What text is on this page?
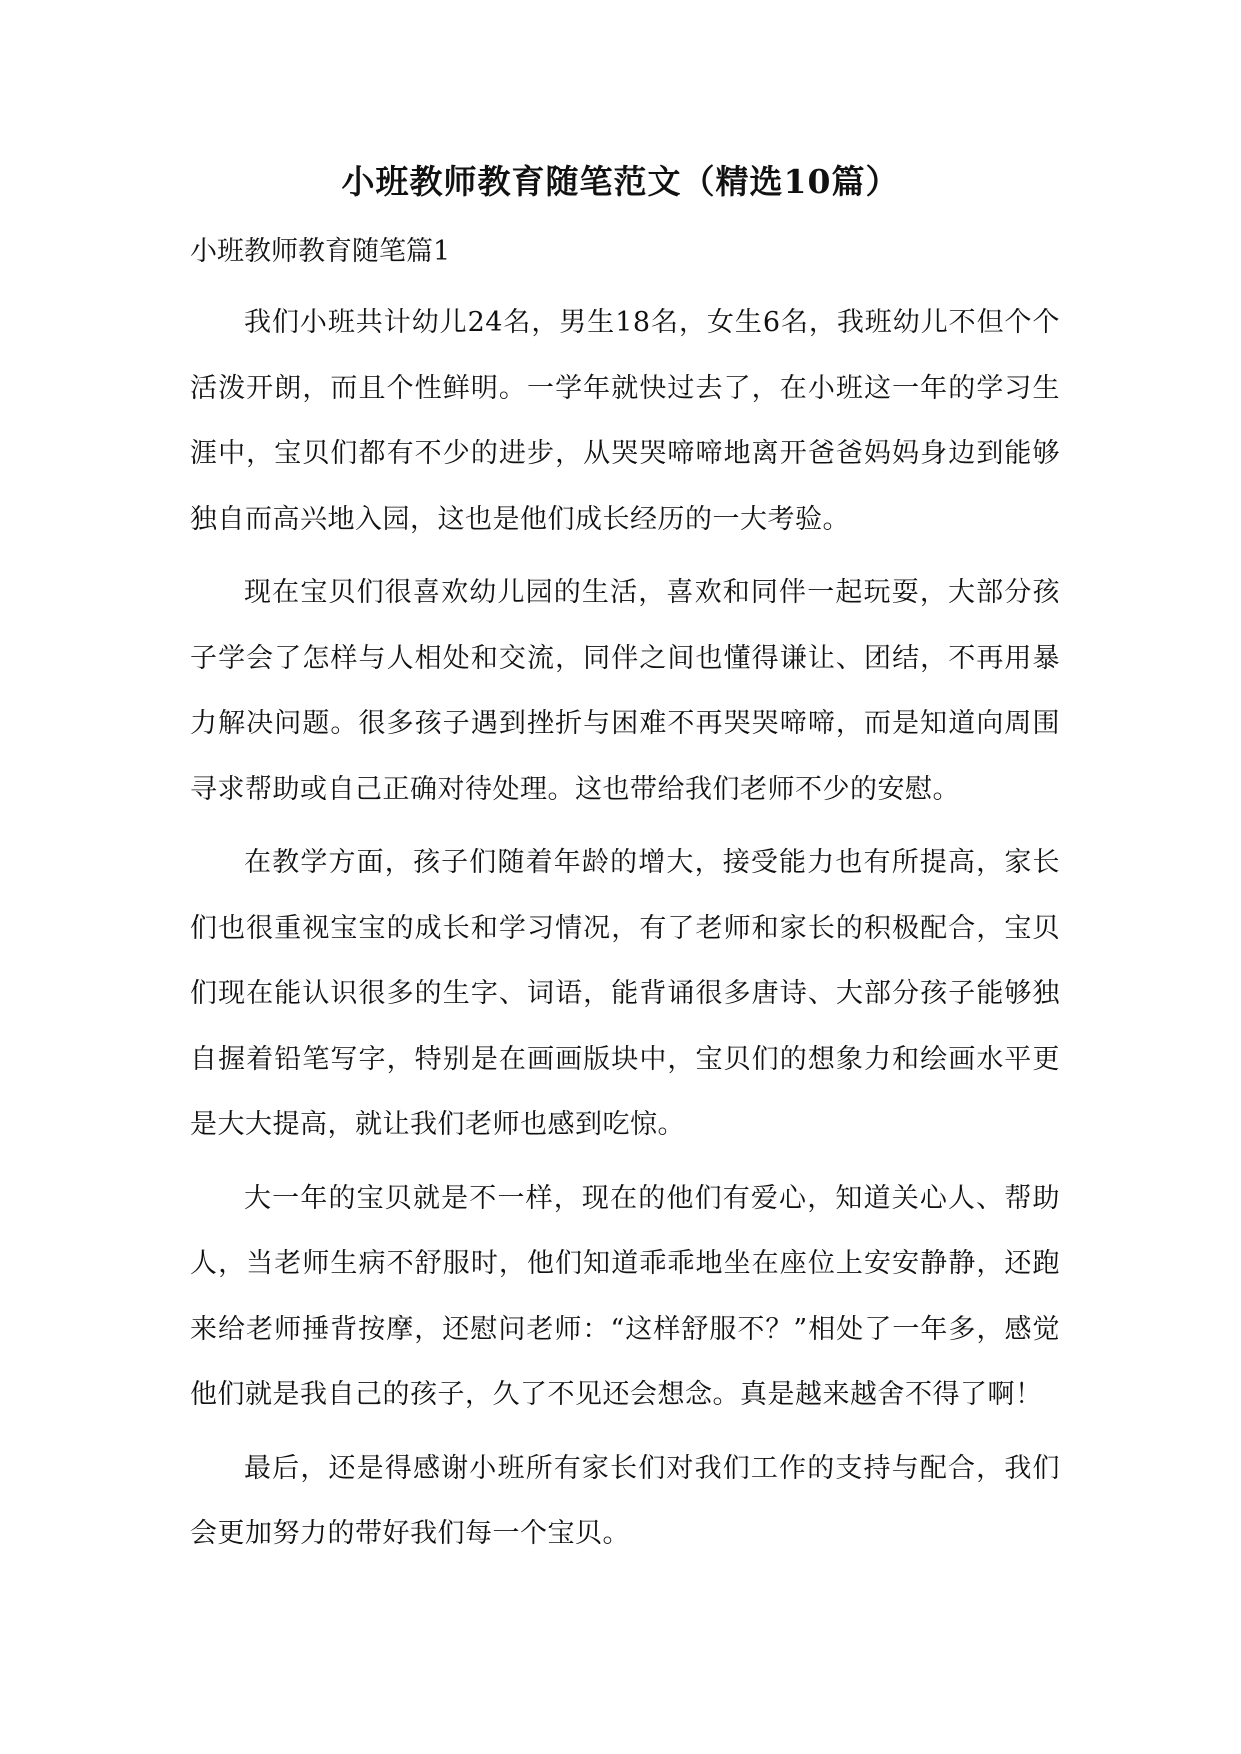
小班教师教育随笔范文（精选10篇）
小班教师教育随笔篇1

我们小班共计幼儿24名，男生18名，女生6名，我班幼儿不但个个活泼开朗，而且个性鲜明。一学年就快过去了，在小班这一年的学习生涯中，宝贝们都有不少的进步，从哭哭啼啼地离开爸爸妈妈身边到能够独自而高兴地入园，这也是他们成长经历的一大考验。

现在宝贝们很喜欢幼儿园的生活，喜欢和同伴一起玩耍，大部分孩子学会了怎样与人相处和交流，同伴之间也懂得谦让、团结，不再用暴力解决问题。很多孩子遇到挫折与困难不再哭哭啼啼，而是知道向周围寻求帮助或自己正确对待处理。这也带给我们老师不少的安慰。

在教学方面，孩子们随着年龄的增大，接受能力也有所提高，家长们也很重视宝宝的成长和学习情况，有了老师和家长的积极配合，宝贝们现在能认识很多的生字、词语，能背诵很多唐诗、大部分孩子能够独自握着铅笔写字，特别是在画画版块中，宝贝们的想象力和绘画水平更是大大提高，就让我们老师也感到吃惊。

大一年的宝贝就是不一样，现在的他们有爱心，知道关心人、帮助人，当老师生病不舒服时，他们知道乖乖地坐在座位上安安静静，还跑来给老师捶背按摩，还慰问老师：“这样舒服不？”相处了一年多，感觉他们就是我自己的孩子，久了不见还会想念。真是越来越舍不得了啊！

最后，还是得感谢小班所有家长们对我们工作的支持与配合，我们会更加努力的带好我们每一个宝贝。
